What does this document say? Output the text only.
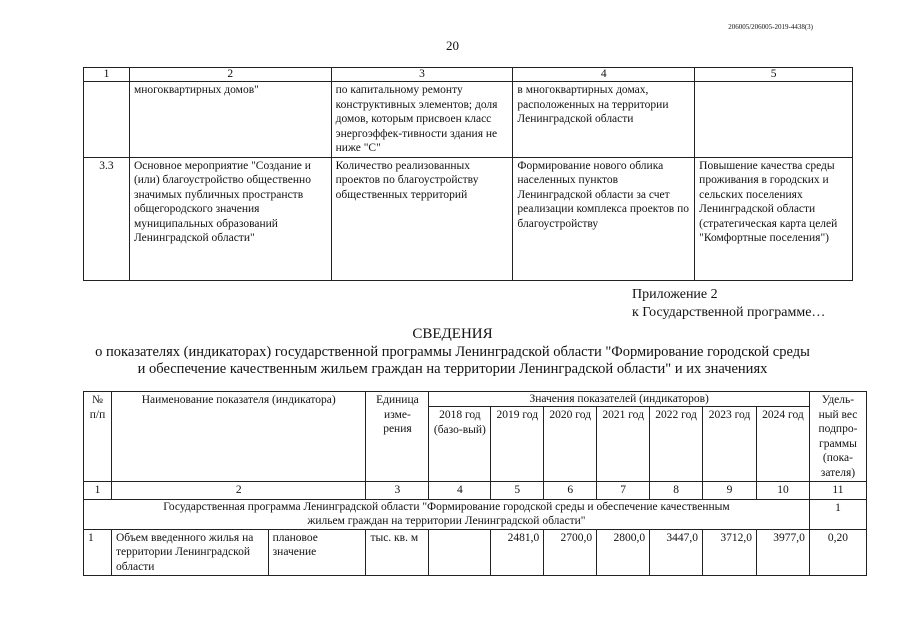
206005/206005-2019-4438(3)
20
1	2	3	4	5
	многоквартирных домов"	по капитальному ремонту конструктивных элементов; доля домов, которым присвоен класс энергоэффек-тивности здания не ниже "С"	в многоквартирных домах, расположенных на территории Ленинградской области	
3.3	Основное мероприятие "Создание и (или) благоустройство общественно значимых публичных пространств общегородского значения муниципальных образований Ленинградской области"	Количество реализованных проектов по благоустройству общественных территорий	Формирование нового облика населенных пунктов Ленинградской области за счет реализации комплекса проектов по благоустройству	Повышение качества среды проживания в городских и сельских поселениях Ленинградской области (стратегическая карта целей "Комфортные поселения")
Приложение 2
к Государственной программе…
СВЕДЕНИЯ
о показателях (индикаторах) государственной программы Ленинградской области "Формирование городской среды
и обеспечение качественным жильем граждан на территории Ленинградской области" и их значениях
№ п/п	Наименование показателя (индикатора)		Единица изме-рения	Значения показателей (индикаторов)							Удель-ный вес подпро-граммы (пока-зателя)
				2018 год (базо-вый)	2019 год	2020 год	2021 год	2022 год	2023 год	2024 год	
1	2		3	4	5	6	7	8	9	10	11
Государственная программа Ленинградской области "Формирование городской среды и обеспечение качественным жильем граждан на территории Ленинградской области"											1
1	Объем введенного жилья на территории Ленинградской области	плановое значение	тыс. кв. м		2481,0	2700,0	2800,0	3447,0	3712,0	3977,0	0,20
